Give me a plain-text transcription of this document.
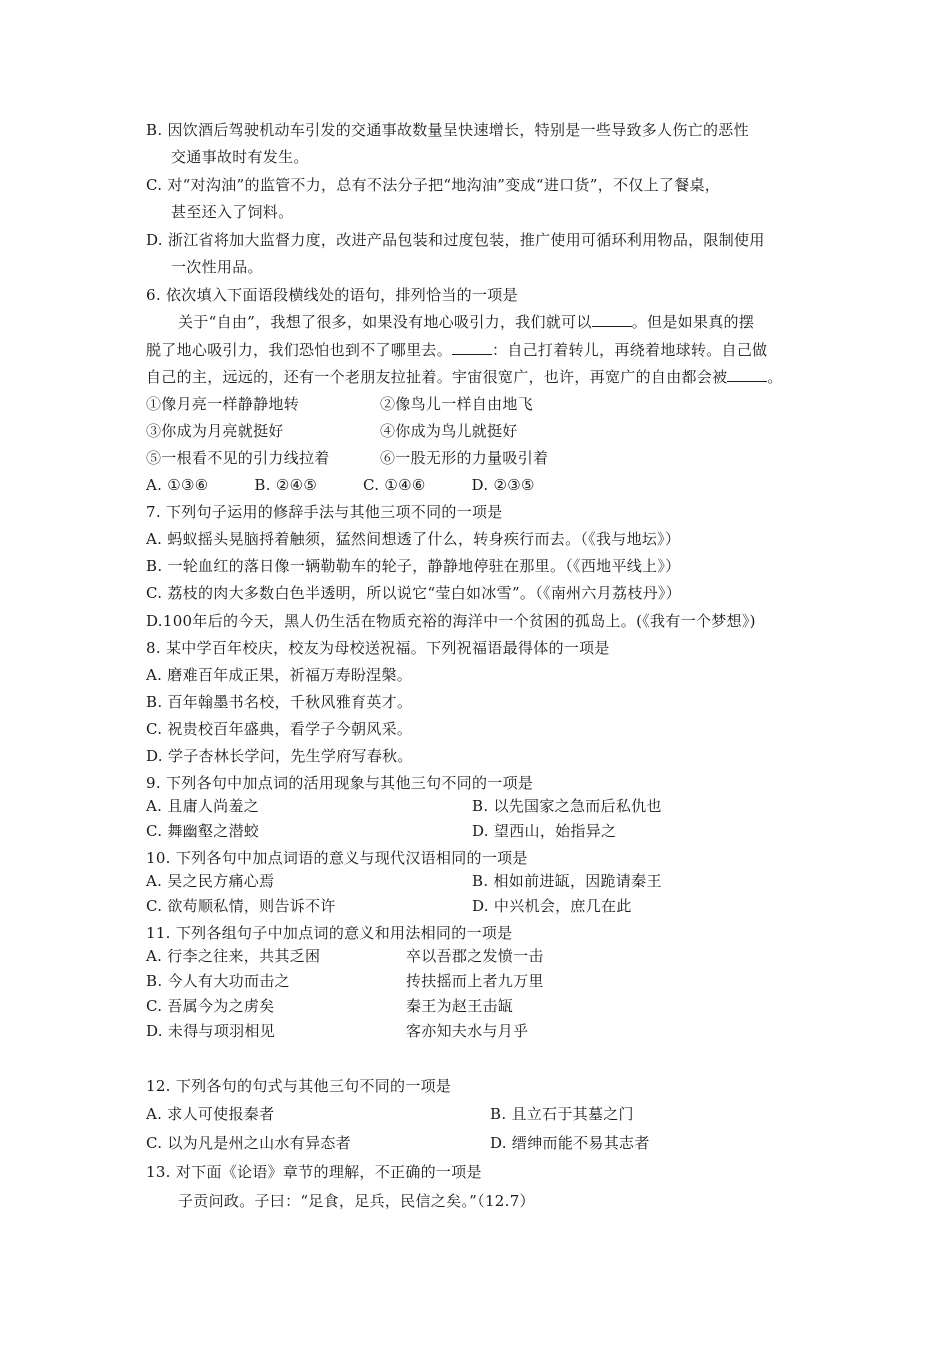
B. 因饮酒后驾驶机动车引发的交通事故数量呈快速增长，特别是一些导致多人伤亡的恶性
交通事故时有发生。
C. 对“对沟油”的监管不力，总有不法分子把“地沟油”变成“进口货”，不仅上了餐桌，
甚至还入了饲料。
D. 浙江省将加大监督力度，改进产品包装和过度包装，推广使用可循环利用物品，限制使用
一次性用品。
6. 依次填入下面语段横线处的语句，排列恰当的一项是
关于“自由”，我想了很多，如果没有地心吸引力，我们就可以	。但是如果真的摆
脱了地心吸引力，我们恐怕也到不了哪里去。	：自己打着转儿，再绕着地球转。自己做
自己的主，远远的，还有一个老朋友拉扯着。宇宙很宽广，也许，再宽广的自由都会被	。
①像月亮一样静静地转	②像鸟儿一样自由地飞
③你成为月亮就挺好	④你成为鸟儿就挺好
⑤一根看不见的引力线拉着	⑥一股无形的力量吸引着
A. ①③⑥　　　B. ②④⑤　　　C. ①④⑥　　　D. ②③⑤
7. 下列句子运用的修辞手法与其他三项不同的一项是
A. 蚂蚁摇头晃脑捋着触须，猛然间想透了什么，转身疾行而去。（《我与地坛》）
B. 一轮血红的落日像一辆勒勒车的轮子，静静地停驻在那里。（《西地平线上》）
C. 荔枝的肉大多数白色半透明，所以说它“莹白如冰雪”。（《南州六月荔枝丹》）
D.100年后的今天，黑人仍生活在物质充裕的海洋中一个贫困的孤岛上。(《我有一个梦想》)
8. 某中学百年校庆，校友为母校送祝福。下列祝福语最得体的一项是
A. 磨难百年成正果，祈福万寿盼涅槃。
B. 百年翰墨书名校，千秋风雅育英才。
C. 祝贵校百年盛典，看学子今朝风采。
D. 学子杏林长学问，先生学府写春秋。
9. 下列各句中加点词的活用现象与其他三句不同的一项是
A. 且庸人尚羞之	B. 以先国家之急而后私仇也
C. 舞幽壑之潜蛟	D. 望西山，始指异之
10. 下列各句中加点词语的意义与现代汉语相同的一项是
A. 吴之民方痛心焉	B. 相如前进缻，因跪请秦王
C. 欲苟顺私情，则告诉不许	D. 中兴机会，庶几在此
11. 下列各组句子中加点词的意义和用法相同的一项是
A. 行李之往来，共其乏困	卒以吾郡之发愤一击
B. 今人有大功而击之	抟扶摇而上者九万里
C. 吾属今为之虏矣	秦王为赵王击缻
D. 未得与项羽相见	客亦知夫水与月乎
12. 下列各句的句式与其他三句不同的一项是
A. 求人可使报秦者	B. 且立石于其墓之门
C. 以为凡是州之山水有异态者	D. 缙绅而能不易其志者
13. 对下面《论语》章节的理解，不正确的一项是
子贡问政。子曰：“足食，足兵，民信之矣。”（12.7）
